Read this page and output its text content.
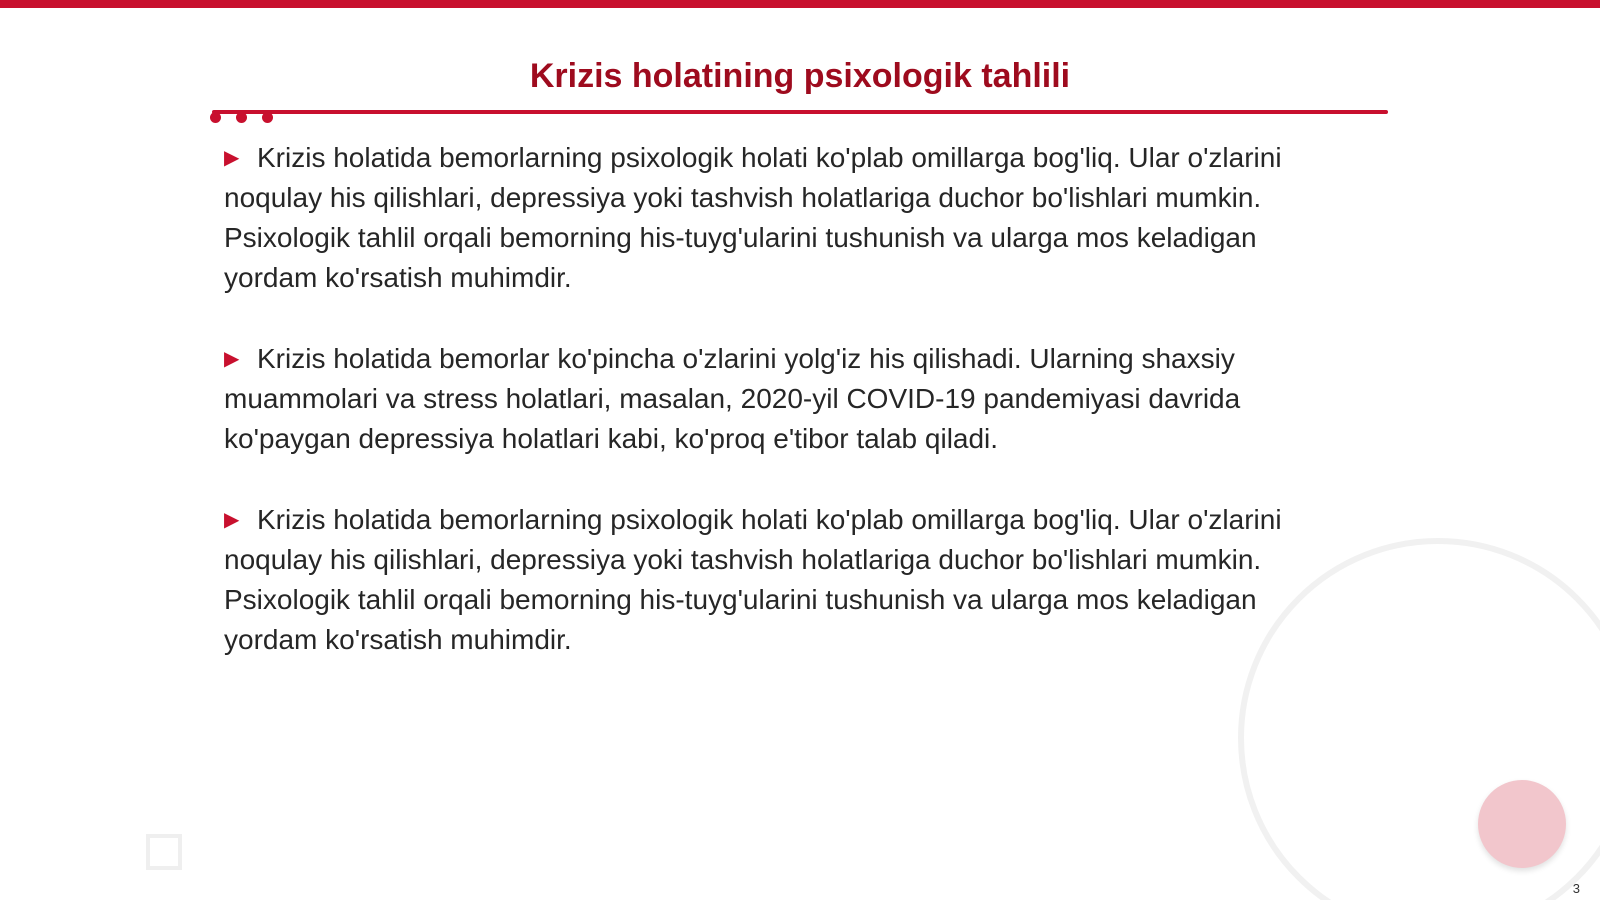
Krizis holatining psixologik tahlili

▶ Krizis holatida bemorlarning psixologik holati ko'plab omillarga bog'liq. Ular o'zlarini noqulay his qilishlari, depressiya yoki tashvish holatlariga duchor bo'lishlari mumkin. Psixologik tahlil orqali bemorning his-tuyg'ularini tushunish va ularga mos keladigan yordam ko'rsatish muhimdir.

▶ Krizis holatida bemorlar ko'pincha o'zlarini yolg'iz his qilishadi. Ularning shaxsiy muammolari va stress holatlari, masalan, 2020-yil COVID-19 pandemiyasi davrida ko'paygan depressiya holatlari kabi, ko'proq e'tibor talab qiladi.

▶ Krizis holatida bemorlarning psixologik holati ko'plab omillarga bog'liq. Ular o'zlarini noqulay his qilishlari, depressiya yoki tashvish holatlariga duchor bo'lishlari mumkin. Psixologik tahlil orqali bemorning his-tuyg'ularini tushunish va ularga mos keladigan yordam ko'rsatish muhimdir.

3
